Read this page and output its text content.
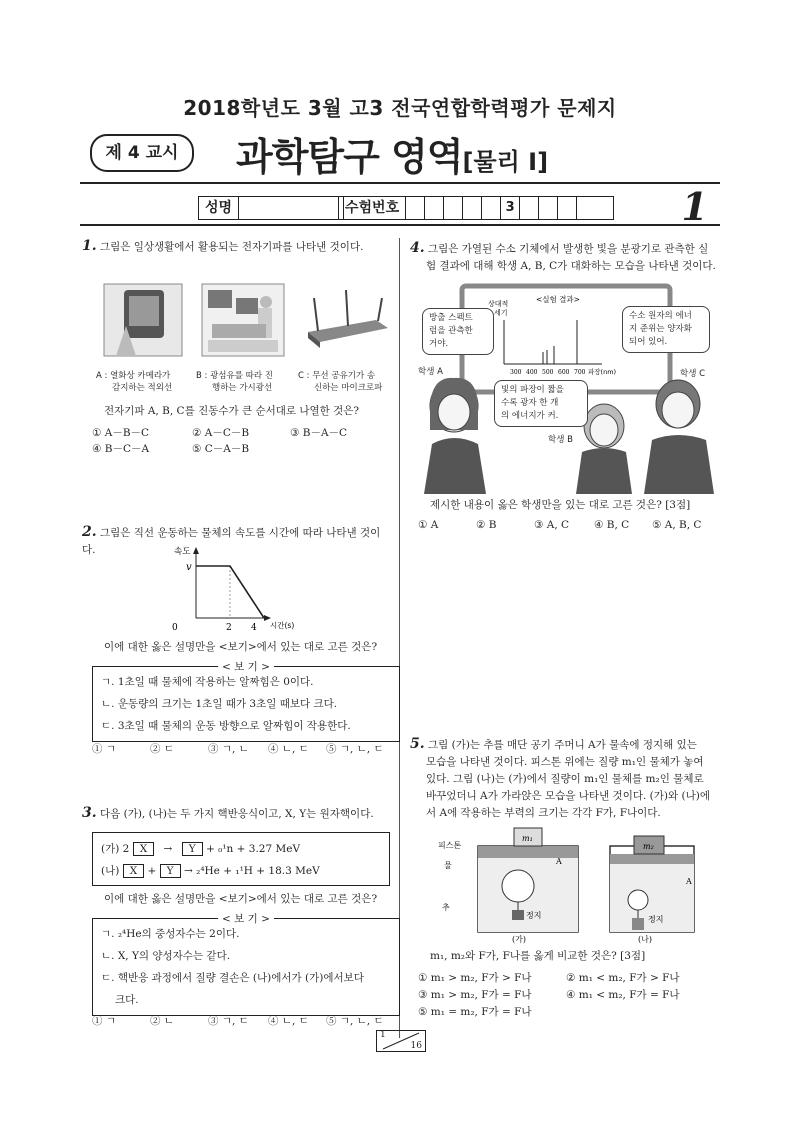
2018학년도 3월 고3 전국연합학력평가 문제지
제 4 교시	과학탐구 영역[물리 Ⅰ]
성명	수험번호	3	1
1. 그림은 일상생활에서 활용되는 전자기파를 나타낸 것이다.
A : 열화상 카메라가
감지하는 적외선
B : 광섬유를 따라 진
행하는 가시광선
C : 무선 공유기가 송
신하는 마이크로파
전자기파 A, B, C를 진동수가 큰 순서대로 나열한 것은?
① A－B－C	② A－C－B	③ B－A－C
④ B－C－A	⑤ C－A－B
2. 그림은 직선 운동하는 물체의 속도를 시간에 따라 나타낸 것이다.	속도
v
0	2 4 시간(s)
이에 대한 옳은 설명만을 <보기>에서 있는 대로 고른 것은?
< 보 기 >

ㄱ. 1초일 때 물체에 작용하는 알짜힘은 0이다.

ㄴ. 운동량의 크기는 1초일 때가 3초일 때보다 크다.

ㄷ. 3초일 때 물체의 운동 방향으로 알짜힘이 작용한다.

① ㄱ	② ㄷ	③ ㄱ, ㄴ ④ ㄴ, ㄷ ⑤ ㄱ, ㄴ, ㄷ
3. 다음 (가), (나)는 두 가지 핵반응식이고, X, Y는 원자핵이다.
(가) 2 X → Y + ₀¹n + 3.27 MeV
(나) X + Y → ₂⁴He + ₁¹H + 18.3 MeV
이에 대한 옳은 설명만을 <보기>에서 있는 대로 고른 것은?
< 보 기 >

ㄱ. ₂⁴He의 중성자수는 2이다.

ㄴ. X, Y의 양성자수는 같다.

ㄷ. 핵반응 과정에서 질량 결손은 (나)에서가 (가)에서보다

크다.

① ㄱ	② ㄴ	③ ㄱ, ㄷ ④ ㄴ, ㄷ ⑤ ㄱ, ㄴ, ㄷ
4. 그림은 가열된 수소 기체에서 발생한 빛을 분광기로 관측한 실
험 결과에 대해 학생 A, B, C가 대화하는 모습을 나타낸 것이다.
<실험 결과>
상대적
세기
300 400 500 600 700 파장(nm)
방출 스펙트
럼을 관측한
거야.
수소 원자의 에너
지 준위는 양자화
되어 있어.
빛의 파장이 짧을
수록 광자 한 개
의 에너지가 커.
학생 A
학생 B
학생 C
제시한 내용이 옳은 학생만을 있는 대로 고른 것은? [3점]
① A	② B	③ A, C ④ B, C ⑤ A, B, C
5. 그림 (가)는 추를 매단 공기 주머니 A가 물속에 정지해 있는
모습을 나타낸 것이다. 피스톤 위에는 질량 m₁인 물체가 놓여
있다. 그림 (나)는 (가)에서 질량이 m₁인 물체를 m₂인 물체로
바꾸었더니 A가 가라앉은 모습을 나타낸 것이다. (가)와 (나)에
서 A에 작용하는 부력의 크기는 각각 F가, F나이다.
m₁
피스톤
물
추
정지
A
(가)
m₂
A
정지
(나)
m₁, m₂와 F가, F나를 옳게 비교한 것은? [3점]
① m₁ > m₂, F가 > F나	② m₁ < m₂, F가 > F나
③ m₁ > m₂, F가 = F나	④ m₁ < m₂, F가 = F나
⑤ m₁ = m₂, F가 = F나
1
16
